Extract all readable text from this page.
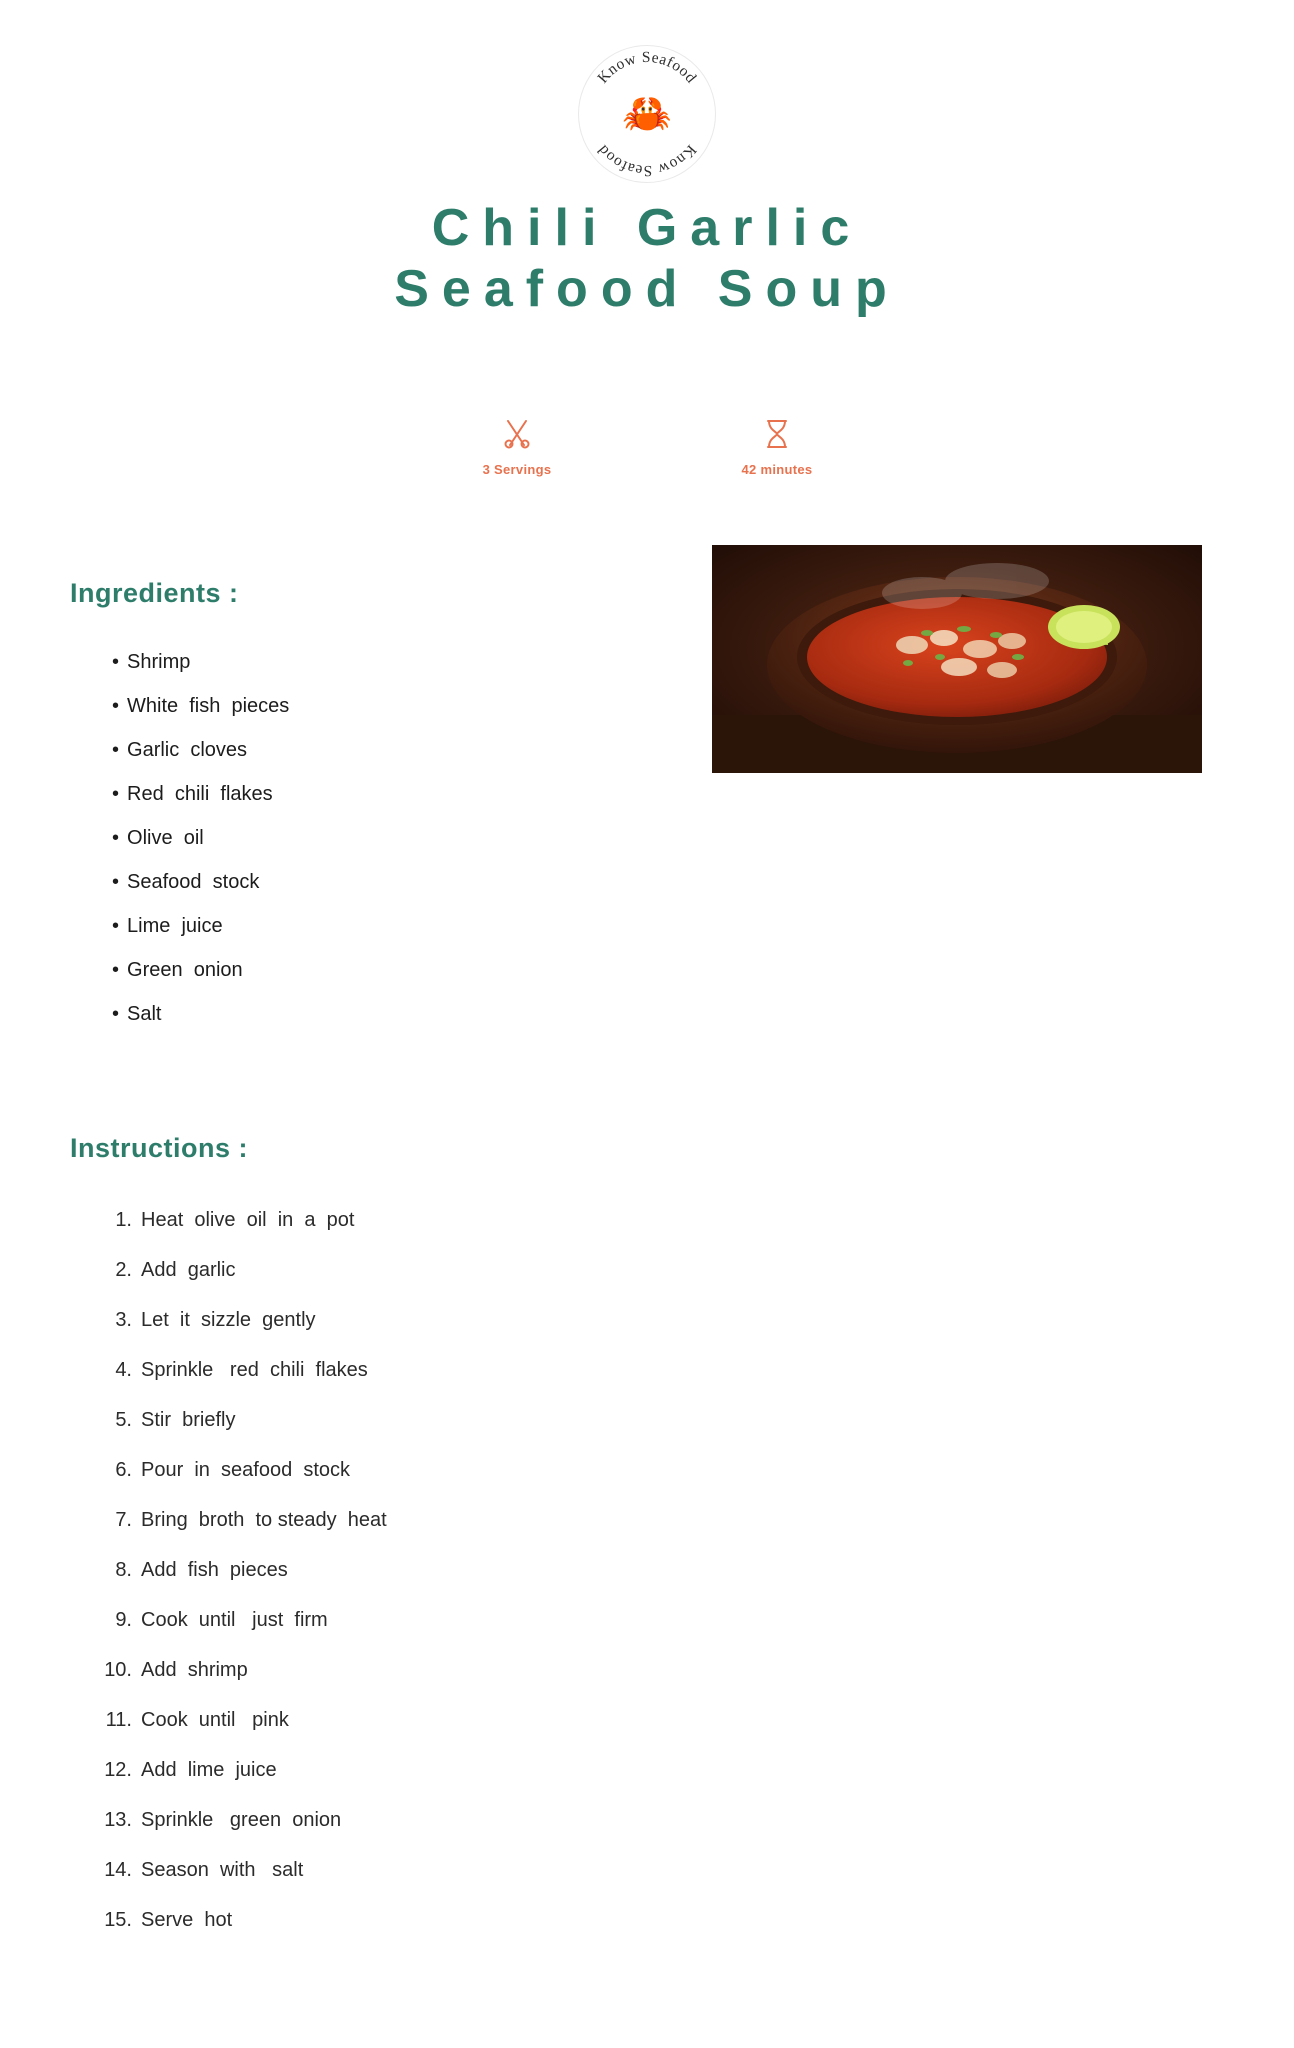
Know Seafood
Know Seafood
🦀
Chili Garlic
Seafood Soup
3 Servings	42 minutes
Ingredients :
• Shrimp
• White  fish  pieces
• Garlic  cloves
• Red  chili  flakes
• Olive  oil
• Seafood  stock
• Lime  juice
• Green  onion
• Salt
Instructions :
1. Heat  olive  oil  in  a  pot
2. Add  garlic
3. Let  it  sizzle  gently
4. Sprinkle   red  chili  flakes
5. Stir  briefly
6. Pour  in  seafood  stock
7. Bring  broth  to steady  heat
8. Add  fish  pieces
9. Cook  until   just  firm
10. Add  shrimp
11. Cook  until   pink
12. Add  lime  juice
13. Sprinkle   green  onion
14. Season  with   salt
15. Serve  hot
